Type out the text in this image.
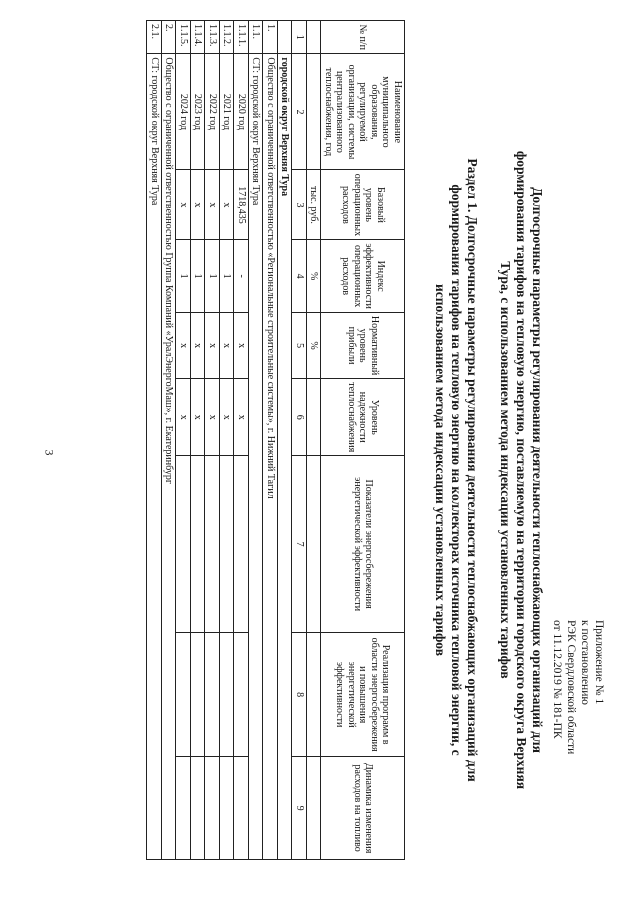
3
Приложение № 1
к постановлению
РЭК Свердловской области
от 11.12.2019 № 181-ПК
Долгосрочные параметры регулирования деятельности теплоснабжающих организаций для формирования тарифов на тепловую энергию, поставляемую на территории городского округа Верхняя Тура, с использованием метода индексации установленных тарифов
Раздел 1. Долгосрочные параметры регулирования деятельности теплоснабжающих организаций для формирования тарифов на тепловую энергию на коллекторах источника тепловой энергии, с использованием метода индексации установленных тарифов
№ п/п	Наименование муниципального образования, регулируемой организации, системы централизованного теплоснабжения, год	Базовый уровень операционных расходов	Индекс эффективности операционных расходов	Нормативный уровень прибыли	Уровень надежности теплоснабжения	Показатели энергосбережения энергетической эффективности	Реализация программ в области энергосбережения и повышения энергетической эффективности	Динамика изменения расходов на топливо
		тыс. руб.	%	%				
1	2	3	4	5	6	7	8	9
	городской округ Верхняя Тура							
1.	Общество с ограниченной ответственностью «Региональные строительные системы», г. Нижний Тагил							
1.1.	СТ: городской округ Верхняя Тура							
1.1.1.	2020 год	1718,435	-	х	х			
1.1.2.	2021 год	х	1	х	х			
1.1.3.	2022 год	х	1	х	х			
1.1.4.	2023 год	х	1	х	х			
1.1.5.	2024 год	х	1	х	х			
2.	Общество с ограниченной ответственностью Группа Компаний «УралЭнергоМаш», г. Екатеринбург							
2.1.	СТ: городской округ Верхняя Тура							
